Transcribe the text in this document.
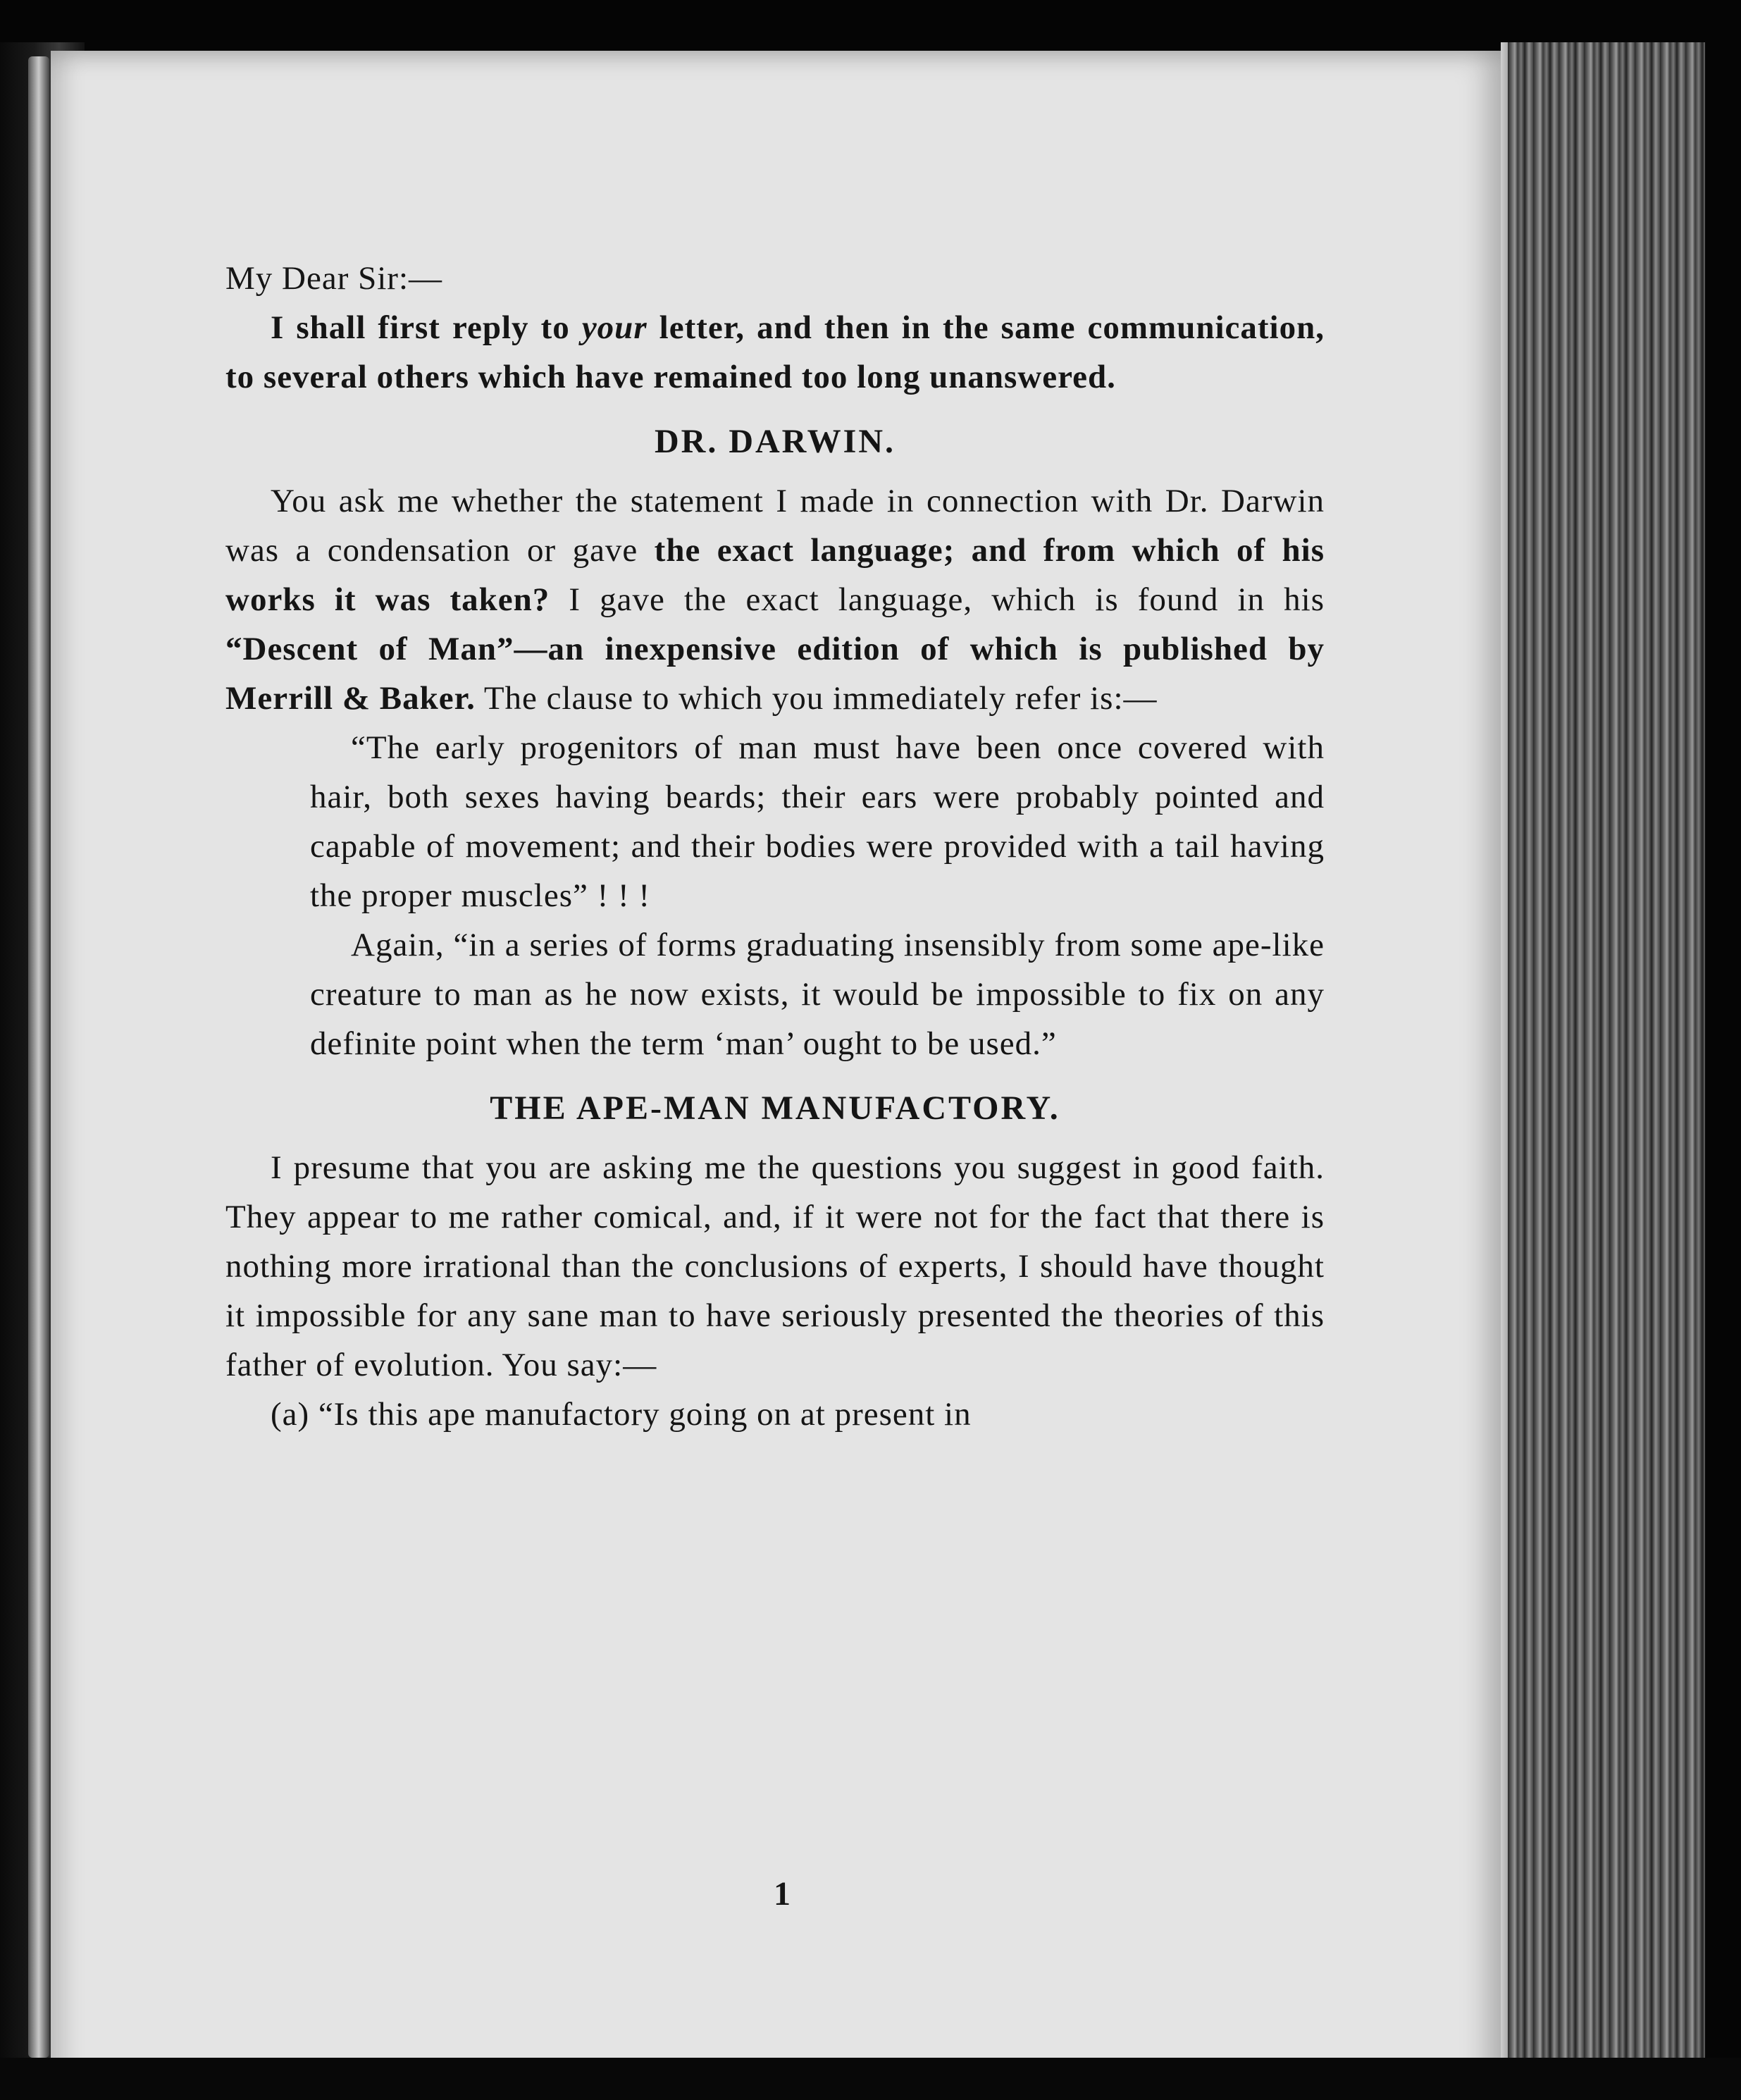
My Dear Sir:—

I shall first reply to your letter, and then in the same communication, to several others which have remained too long unanswered.

DR. DARWIN.

You ask me whether the statement I made in connection with Dr. Darwin was a condensation or gave the exact language; and from which of his works it was taken? I gave the exact language, which is found in his “Descent of Man”—an inexpensive edition of which is published by Merrill & Baker. The clause to which you immediately refer is:—

“The early progenitors of man must have been once covered with hair, both sexes having beards; their ears were probably pointed and capable of movement; and their bodies were provided with a tail having the proper muscles” ! ! !

Again, “in a series of forms graduating insensibly from some ape-like creature to man as he now exists, it would be impossible to fix on any definite point when the term ‘man’ ought to be used.”

THE APE-MAN MANUFACTORY.

I presume that you are asking me the questions you suggest in good faith. They appear to me rather comical, and, if it were not for the fact that there is nothing more irrational than the conclusions of experts, I should have thought it impossible for any sane man to have seriously presented the theories of this father of evolution. You say:—

(a) “Is this ape manufactory going on at present in

1
